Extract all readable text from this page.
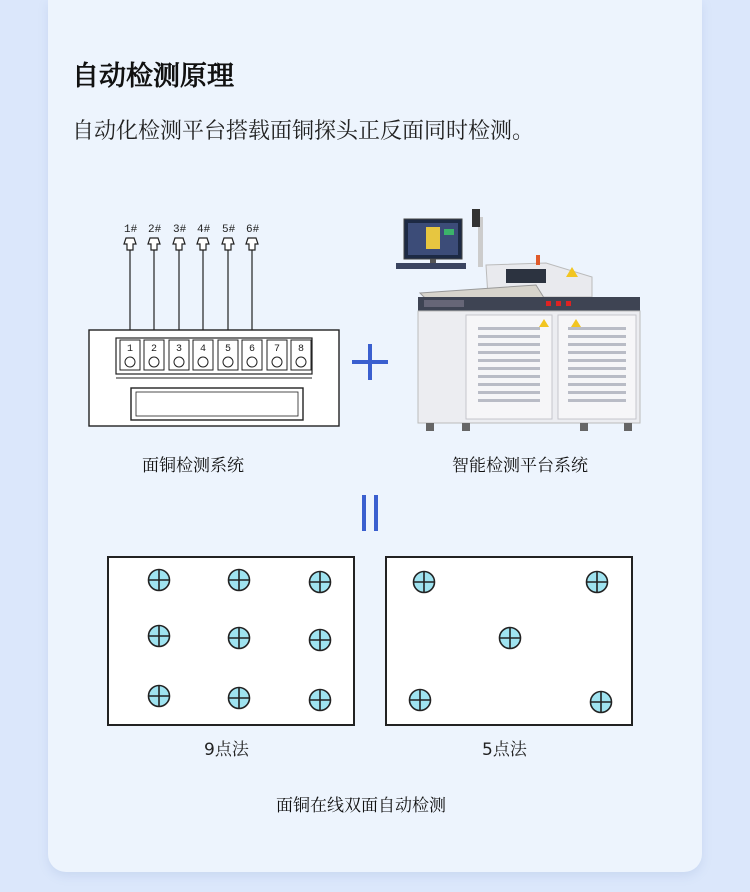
自动检测原理
自动化检测平台搭载面铜探头正反面同时检测。
1# 2# 3# 4# 5# 6#
1 2 3 4 5 6 7 8
面铜检测系统	智能检测平台系统
9点法	5点法
面铜在线双面自动检测
